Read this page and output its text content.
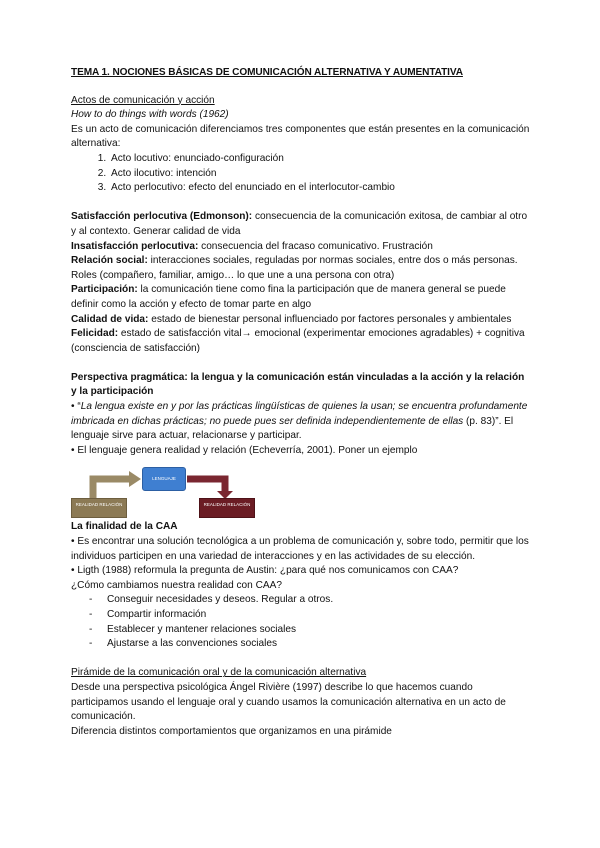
TEMA 1. NOCIONES BÁSICAS DE COMUNICACIÓN ALTERNATIVA Y AUMENTATIVA

Actos de comunicación y acción

How to do things with words (1962)

Es un acto de comunicación diferenciamos tres componentes que están presentes en la comunicación alternativa:

1. Acto locutivo: enunciado-configuración
2. Acto ilocutivo: intención
3. Acto perlocutivo: efecto del enunciado en el interlocutor-cambio

Satisfacción perlocutiva (Edmonson): consecuencia de la comunicación exitosa, de cambiar al otro y al contexto. Generar calidad de vida

Insatisfacción perlocutiva: consecuencia del fracaso comunicativo. Frustración

Relación social: interacciones sociales, reguladas por normas sociales, entre dos o más personas. Roles (compañero, familiar, amigo… lo que une a una persona con otra)

Participación: la comunicación tiene como fina la participación que de manera general se puede definir como la acción y efecto de tomar parte en algo

Calidad de vida: estado de bienestar personal influenciado por factores personales y ambientales

Felicidad: estado de satisfacción vital→ emocional (experimentar emociones agradables) + cognitiva (consciencia de satisfacción)

Perspectiva pragmática: la lengua y la comunicación están vinculadas a la acción y la relación y la participación

• “La lengua existe en y por las prácticas lingüísticas de quienes la usan; se encuentra profundamente imbricada en dichas prácticas; no puede pues ser definida independientemente de ellas (p. 83)”. El lenguaje sirve para actuar, relacionarse y participar.

• El lenguaje genera realidad y relación (Echeverría, 2001). Poner un ejemplo

REALIDAD RELACIÓN
LENGUAJE
REALIDAD RELACIÓN

La finalidad de la CAA

• Es encontrar una solución tecnológica a un problema de comunicación y, sobre todo, permitir que los individuos participen en una variedad de interacciones y en las actividades de su elección.

• Ligth (1988) reformula la pregunta de Austin: ¿para qué nos comunicamos con CAA?

¿Cómo cambiamos nuestra realidad con CAA?

- Conseguir necesidades y deseos. Regular a otros.
- Compartir información
- Establecer y mantener relaciones sociales
- Ajustarse a las convenciones sociales

Pirámide de la comunicación oral y de la comunicación alternativa

Desde una perspectiva psicológica Ángel Rivière (1997) describe lo que hacemos cuando participamos usando el lenguaje oral y cuando usamos la comunicación alternativa en un acto de comunicación.

Diferencia distintos comportamientos que organizamos en una pirámide
